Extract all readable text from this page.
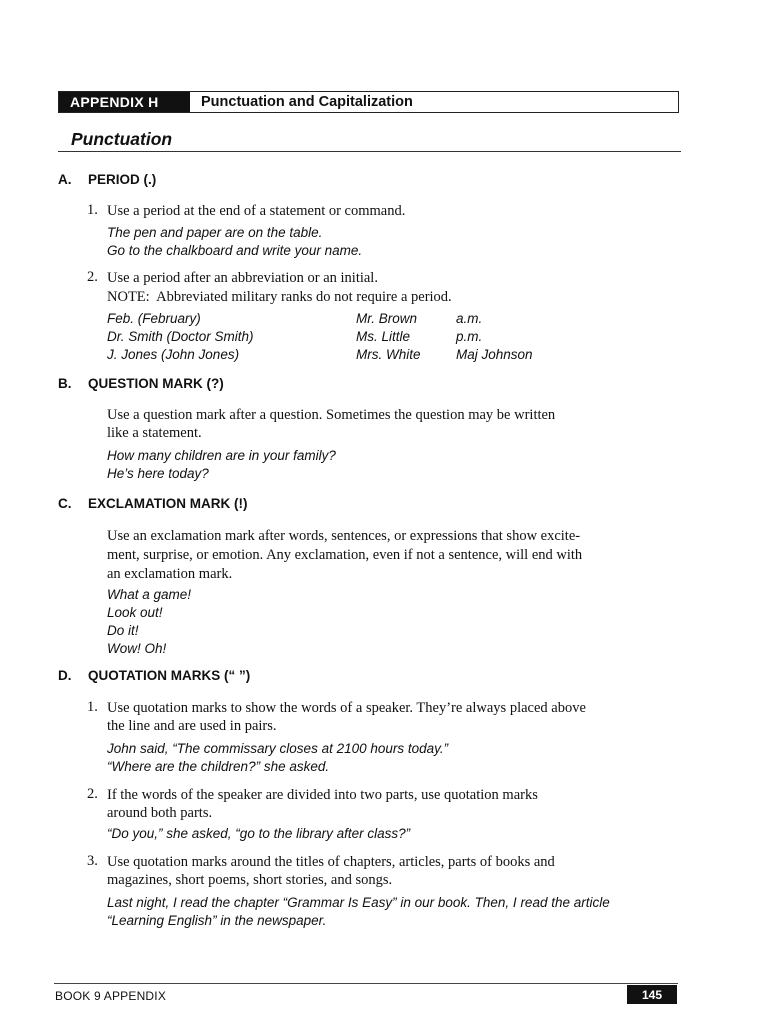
APPENDIX H	Punctuation and Capitalization
Punctuation
A. PERIOD (.)
1. Use a period at the end of a statement or command.
The pen and paper are on the table.
Go to the chalkboard and write your name.
2. Use a period after an abbreviation or an initial.
NOTE:  Abbreviated military ranks do not require a period.
Feb. (February)
Dr. Smith (Doctor Smith)
J. Jones (John Jones)
Mr. Brown
Ms. Little
Mrs. White
a.m.
p.m.
Maj Johnson
B. QUESTION MARK (?)
Use a question mark after a question. Sometimes the question may be written
like a statement.
How many children are in your family?
He’s here today?
C. EXCLAMATION MARK (!)
Use an exclamation mark after words, sentences, or expressions that show excite-
ment, surprise, or emotion. Any exclamation, even if not a sentence, will end with
an exclamation mark.
What a game!
Look out!
Do it!
Wow! Oh!
D. QUOTATION MARKS (“ ”)
1. Use quotation marks to show the words of a speaker. They’re always placed above
the line and are used in pairs.
John said, “The commissary closes at 2100 hours today.”
“Where are the children?” she asked.
2. If the words of the speaker are divided into two parts, use quotation marks
around both parts.
“Do you,” she asked, “go to the library after class?”
3. Use quotation marks around the titles of chapters, articles, parts of books and
magazines, short poems, short stories, and songs.
Last night, I read the chapter “Grammar Is Easy” in our book. Then, I read the article
“Learning English” in the newspaper.
BOOK 9 APPENDIX	145
